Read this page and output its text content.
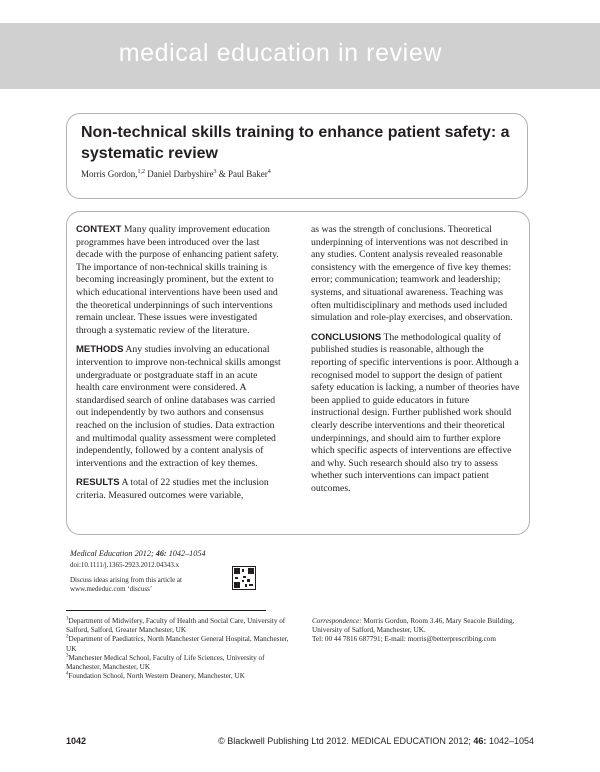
medical education in review
Non-technical skills training to enhance patient safety: a systematic review
Morris Gordon,$^{1,2}$ Daniel Darbyshire$^3$ & Paul Baker$^4$

CONTEXT Many quality improvement education programmes have been introduced over the last decade with the purpose of enhancing patient safety. The importance of non-technical skills training is becoming increasingly prominent, but the extent to which educational interventions have been used and the theoretical underpinnings of such interventions remain unclear. These issues were investigated through a systematic review of the literature.

METHODS Any studies involving an educational intervention to improve non-technical skills amongst undergraduate or postgraduate staff in an acute health care environment were considered. A standardised search of online databases was carried out independently by two authors and consensus reached on the inclusion of studies. Data extraction and multimodal quality assessment were completed independently, followed by a content analysis of interventions and the extraction of key themes.

RESULTS A total of 22 studies met the inclusion criteria. Measured outcomes were variable,

as was the strength of conclusions. Theoretical underpinning of interventions was not described in any studies. Content analysis revealed reasonable consistency with the emergence of five key themes: error; communication; teamwork and leadership; systems, and situational awareness. Teaching was often multidisciplinary and methods used included simulation and role-play exercises, and observation.

CONCLUSIONS The methodological quality of published studies is reasonable, although the reporting of specific interventions is poor. Although a recognised model to support the design of patient safety education is lacking, a number of theories have been applied to guide educators in future instructional design. Further published work should clearly describe interventions and their theoretical underpinnings, and should aim to further explore which specific aspects of interventions are effective and why. Such research should also try to assess whether such interventions can impact patient outcomes.

Medical Education 2012; 46: 1042–1054
doi:10.1111/j.1365-2923.2012.04343.x
Discuss ideas arising from this article at
www.mededuc.com ‘discuss’

$^1$Department of Midwifery, Faculty of Health and Social Care, University of Salford, Salford, Greater Manchester, UK

$^2$Department of Paediatrics, North Manchester General Hospital, Manchester, UK

$^3$Manchester Medical School, Faculty of Life Sciences, University of Manchester, Manchester, UK

$^4$Foundation School, North Western Deanery, Manchester, UK

Correspondence: Morris Gordon, Room 3.46, Mary Seacole Building, University of Salford, Manchester, UK.

Tel: 00 44 7816 687791; E-mail: morris@betterprescribing.com

1042	© Blackwell Publishing Ltd 2012. MEDICAL EDUCATION 2012; 46: 1042–1054
